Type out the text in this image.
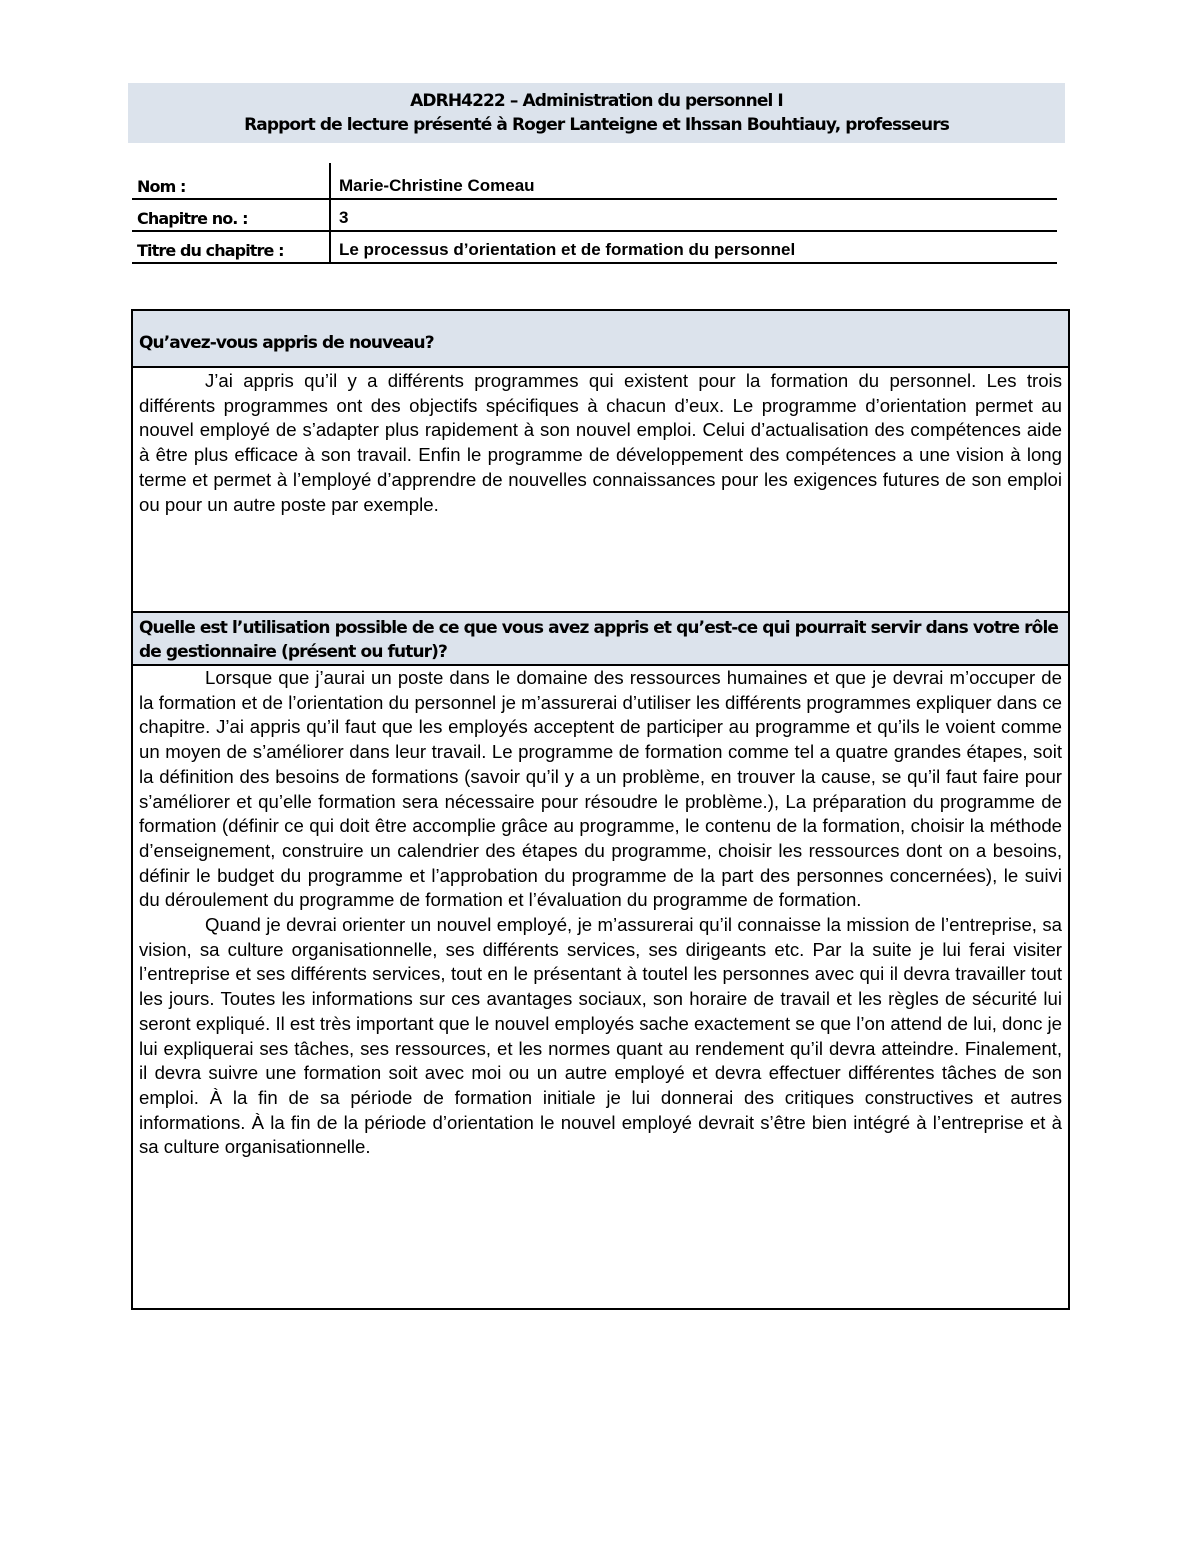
ADRH4222 – Administration du personnel I
Rapport de lecture présenté à Roger Lanteigne et Ihssan Bouhtiauy, professeurs
Nom :	Marie-Christine Comeau
Chapitre no. :	3
Titre du chapitre :	Le processus d’orientation et de formation du personnel
Qu’avez-vous appris de nouveau?

J’ai appris qu’il y a différents programmes qui existent pour la formation du personnel. Les trois différents programmes ont des objectifs spécifiques à chacun d’eux. Le programme d’orientation permet au nouvel employé de s’adapter plus rapidement à son nouvel emploi. Celui d’actualisation des compétences aide à être plus efficace à son travail. Enfin le programme de développement des compétences a une vision à long terme et permet à l’employé d’apprendre de nouvelles connaissances pour les exigences futures de son emploi ou pour un autre poste par exemple.

Quelle est l’utilisation possible de ce que vous avez appris et qu’est-ce qui pourrait servir dans votre rôle de gestionnaire (présent ou futur)?

Lorsque que j’aurai un poste dans le domaine des ressources humaines et que je devrai m’occuper de la formation et de l’orientation du personnel je m’assurerai d’utiliser les différents programmes expliquer dans ce chapitre. J’ai appris qu’il faut que les employés acceptent de participer au programme et qu’ils le voient comme un moyen de s’améliorer dans leur travail. Le programme de formation comme tel a quatre grandes étapes, soit la définition des besoins de formations (savoir qu’il y a un problème, en trouver la cause, se qu’il faut faire pour s’améliorer et qu’elle formation sera nécessaire pour résoudre le problème.), La préparation du programme de formation (définir ce qui doit être accomplie grâce au programme, le contenu de la formation, choisir la méthode d’enseignement, construire un calendrier des étapes du programme, choisir les ressources dont on a besoins, définir le budget du programme et l’approbation du programme de la part des personnes concernées), le suivi du déroulement du programme de formation et l’évaluation du programme de formation.

Quand je devrai orienter un nouvel employé, je m’assurerai qu’il connaisse la mission de l’entreprise, sa vision, sa culture organisationnelle, ses différents services, ses dirigeants etc. Par la suite je lui ferai visiter l’entreprise et ses différents services, tout en le présentant à toutel les personnes avec qui il devra travailler tout les jours. Toutes les informations sur ces avantages sociaux, son horaire de travail et les règles de sécurité lui seront expliqué. Il est très important que le nouvel employés sache exactement se que l’on attend de lui, donc je lui expliquerai ses tâches, ses ressources, et les normes quant au rendement qu’il devra atteindre. Finalement, il devra suivre une formation soit avec moi ou un autre employé et devra effectuer différentes tâches de son emploi. À la fin de sa période de formation initiale je lui donnerai des critiques constructives et autres informations. À la fin de la période d’orientation le nouvel employé devrait s’être bien intégré à l’entreprise et à sa culture organisationnelle.
